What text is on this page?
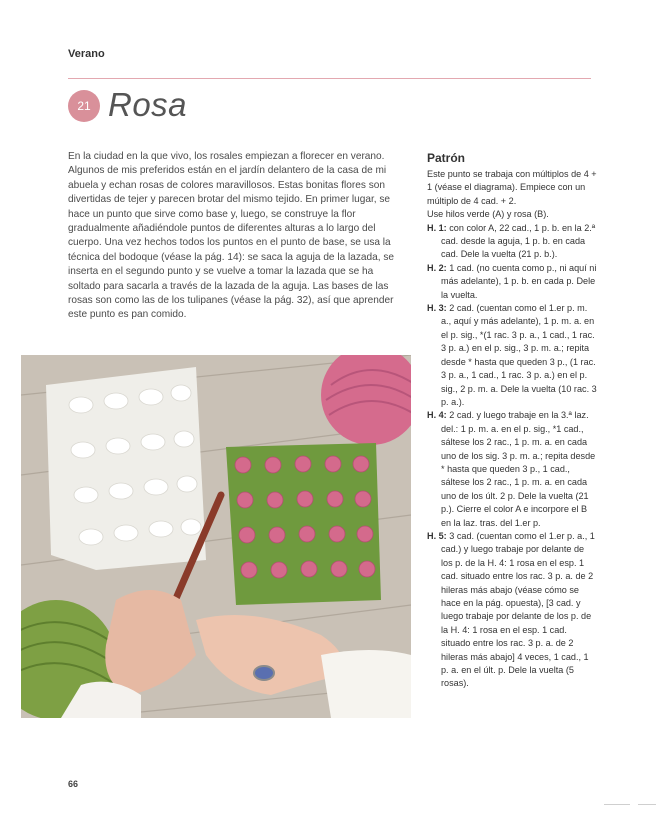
Verano
21 Rosa

En la ciudad en la que vivo, los rosales empiezan a florecer en verano. Algunos de mis preferidos están en el jardín delantero de la casa de mi abuela y echan rosas de colores maravillosos. Estas bonitas flores son divertidas de tejer y parecen brotar del mismo tejido. En primer lugar, se hace un punto que sirve como base y, luego, se construye la flor gradualmente añadiéndole puntos de diferentes alturas a lo largo del cuerpo. Una vez hechos todos los puntos en el punto de base, se usa la técnica del bodoque (véase la pág. 14): se saca la aguja de la lazada, se inserta en el segundo punto y se vuelve a tomar la lazada que se ha soltado para sacarla a través de la lazada de la aguja. Las bases de las rosas son como las de los tulipanes (véase la pág. 32), así que aprender este punto es pan comido.

Patrón

Este punto se trabaja con múltiplos de 4 + 1 (véase el diagrama). Empiece con un múltiplo de 4 cad. + 2.

Use hilos verde (A) y rosa (B).

H. 1: con color A, 22 cad., 1 p. b. en la 2.ª cad. desde la aguja, 1 p. b. en cada cad. Dele la vuelta (21 p. b.).

H. 2: 1 cad. (no cuenta como p., ni aquí ni más adelante), 1 p. b. en cada p. Dele la vuelta.

H. 3: 2 cad. (cuentan como el 1.er p. m. a., aquí y más adelante), 1 p. m. a. en el p. sig., *(1 rac. 3 p. a., 1 cad., 1 rac. 3 p. a.) en el p. sig., 3 p. m. a.; repita desde * hasta que queden 3 p., (1 rac. 3 p. a., 1 cad., 1 rac. 3 p. a.) en el p. sig., 2 p. m. a. Dele la vuelta (10 rac. 3 p. a.).

H. 4: 2 cad. y luego trabaje en la 3.ª laz. del.: 1 p. m. a. en el p. sig., *1 cad., sáltese los 2 rac., 1 p. m. a. en cada uno de los sig. 3 p. m. a.; repita desde * hasta que queden 3 p., 1 cad., sáltese los 2 rac., 1 p. m. a. en cada uno de los últ. 2 p. Dele la vuelta (21 p.). Cierre el color A e incorpore el B en la laz. tras. del 1.er p.

H. 5: 3 cad. (cuentan como el 1.er p. a., 1 cad.) y luego trabaje por delante de los p. de la H. 4: 1 rosa en el esp. 1 cad. situado entre los rac. 3 p. a. de 2 hileras más abajo (véase cómo se hace en la pág. opuesta), [3 cad. y luego trabaje por delante de los p. de la H. 4: 1 rosa en el esp. 1 cad. situado entre los rac. 3 p. a. de 2 hileras más abajo] 4 veces, 1 cad., 1 p. a. en el últ. p. Dele la vuelta (5 rosas).

66
